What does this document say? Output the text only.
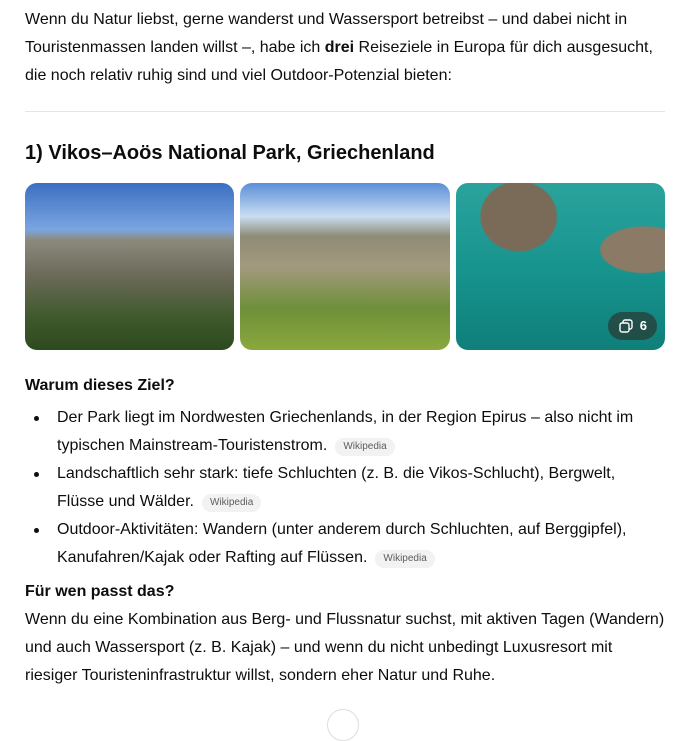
Wenn du Natur liebst, gerne wanderst und Wassersport betreibst – und dabei nicht in Touristenmassen landen willst –, habe ich drei Reiseziele in Europa für dich ausgesucht, die noch relativ ruhig sind und viel Outdoor-Potenzial bieten:

1) Vikos–Aoös National Park, Griechenland
6
Warum dieses Ziel?
Der Park liegt im Nordwesten Griechenlands, in der Region Epirus – also nicht im typischen Mainstream-Touristenstrom. Wikipedia
Landschaftlich sehr stark: tiefe Schluchten (z. B. die Vikos-Schlucht), Bergwelt, Flüsse und Wälder. Wikipedia
Outdoor-Aktivitäten: Wandern (unter anderem durch Schluchten, auf Berggipfel), Kanufahren/Kajak oder Rafting auf Flüssen. Wikipedia
Für wen passt das?

Wenn du eine Kombination aus Berg- und Flussnatur suchst, mit aktiven Tagen (Wandern) und auch Wassersport (z. B. Kajak) – und wenn du nicht unbedingt Luxusresort mit riesiger Touristeninfrastruktur willst, sondern eher Natur und Ruhe.
